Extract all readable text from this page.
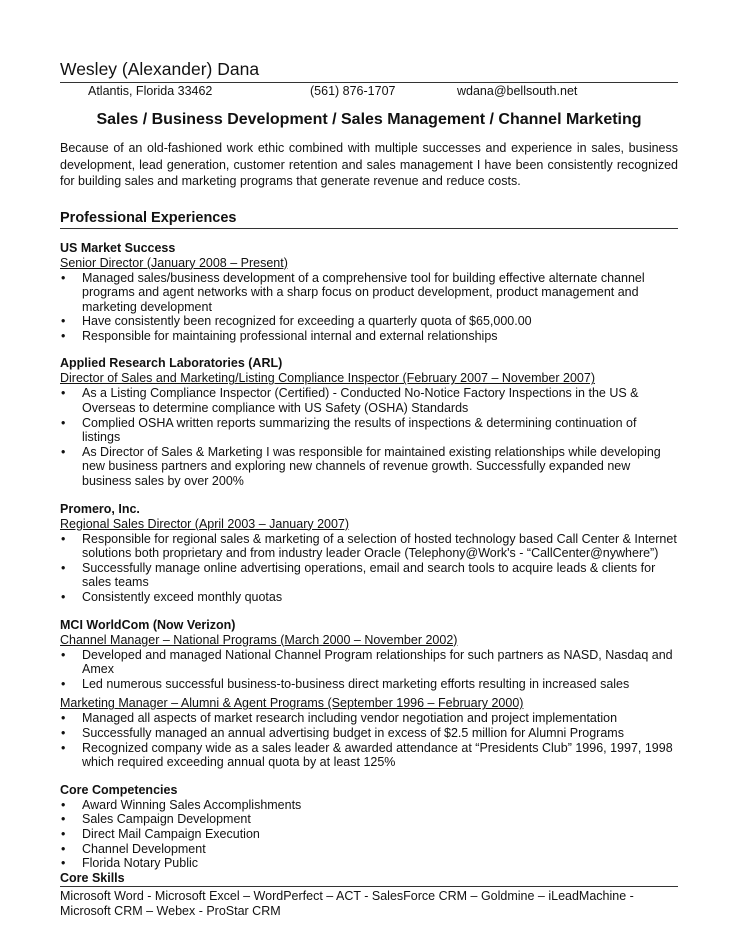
Wesley (Alexander) Dana
Atlantis, Florida 33462	(561) 876-1707	wdana@bellsouth.net
Sales / Business Development / Sales Management / Channel Marketing
Because of an old-fashioned work ethic combined with multiple successes and experience in sales, business development, lead generation, customer retention and sales management I have been consistently recognized for building sales and marketing programs that generate revenue and reduce costs.
Professional Experiences
US Market Success
Senior Director (January 2008 – Present)
• Managed sales/business development of a comprehensive tool for building effective alternate channel programs and agent networks with a sharp focus on product development, product management and marketing development
• Have consistently been recognized for exceeding a quarterly quota of $65,000.00
• Responsible for maintaining professional internal and external relationships
Applied Research Laboratories (ARL)
Director of Sales and Marketing/Listing Compliance Inspector (February 2007 – November 2007)
• As a Listing Compliance Inspector (Certified) - Conducted No-Notice Factory Inspections in the US & Overseas to determine compliance with US Safety (OSHA) Standards
• Complied OSHA written reports summarizing the results of inspections & determining continuation of listings
• As Director of Sales & Marketing I was responsible for maintained existing relationships while developing new business partners and exploring new channels of revenue growth. Successfully expanded new business sales by over 200%
Promero, Inc.
Regional Sales Director (April 2003 – January 2007)
• Responsible for regional sales & marketing of a selection of hosted technology based Call Center & Internet solutions both proprietary and from industry leader Oracle (Telephony@Work's - “CallCenter@nywhere”)
• Successfully manage online advertising operations, email and search tools to acquire leads & clients for sales teams
• Consistently exceed monthly quotas
MCI WorldCom (Now Verizon)
Channel Manager – National Programs (March 2000 – November 2002)
• Developed and managed National Channel Program relationships for such partners as NASD, Nasdaq and Amex
• Led numerous successful business-to-business direct marketing efforts resulting in increased sales
Marketing Manager – Alumni & Agent Programs (September 1996 – February 2000)
• Managed all aspects of market research including vendor negotiation and project implementation
• Successfully managed an annual advertising budget in excess of $2.5 million for Alumni Programs
• Recognized company wide as a sales leader & awarded attendance at “Presidents Club” 1996, 1997, 1998 which required exceeding annual quota by at least 125%
Core Competencies
• Award Winning Sales Accomplishments
• Sales Campaign Development
• Direct Mail Campaign Execution
• Channel Development
• Florida Notary Public
Core Skills
Microsoft Word - Microsoft Excel – WordPerfect – ACT - SalesForce CRM – Goldmine – iLeadMachine - Microsoft CRM – Webex - ProStar CRM
